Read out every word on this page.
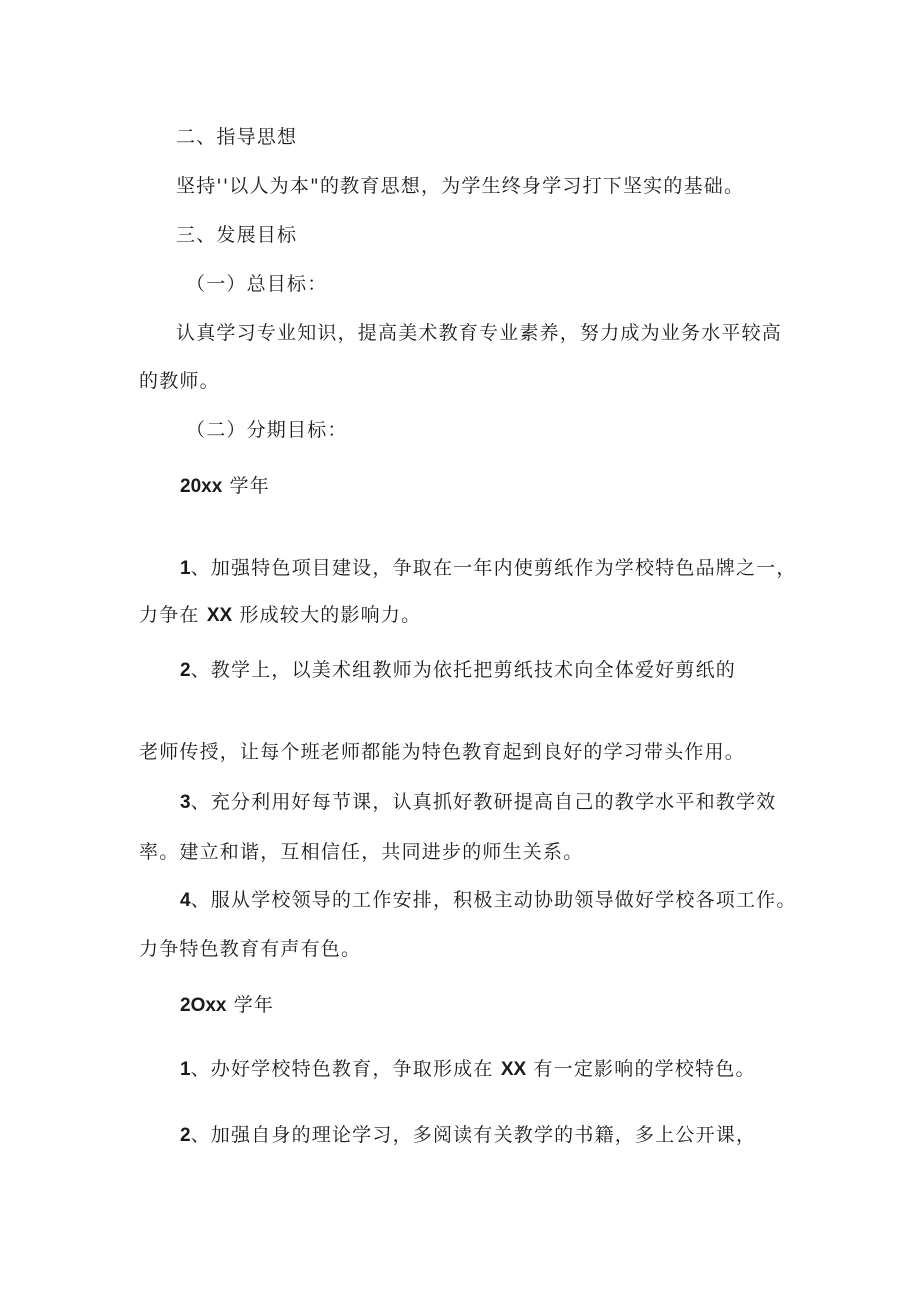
二、指导思想
坚持''以人为本"的教育思想，为学生终身学习打下坚实的基础。
三、发展目标
（一）总目标：
认真学习专业知识，提高美术教育专业素养，努力成为业务水平较高
的教师。
（二）分期目标：
20xx 学年
1、加强特色项目建设，争取在一年内使剪纸作为学校特色品牌之一，
力争在 XX 形成较大的影响力。
2、教学上，以美术组教师为依托把剪纸技术向全体爱好剪纸的
老师传授，让每个班老师都能为特色教育起到良好的学习带头作用。
3、充分利用好每节课，认真抓好教研提高自己的教学水平和教学效
率。建立和谐，互相信任，共同进步的师生关系。
4、服从学校领导的工作安排，积极主动协助领导做好学校各项工作。
力争特色教育有声有色。
2Oxx 学年
1、办好学校特色教育，争取形成在 XX 有一定影响的学校特色。
2、加强自身的理论学习，多阅读有关教学的书籍，多上公开课，
